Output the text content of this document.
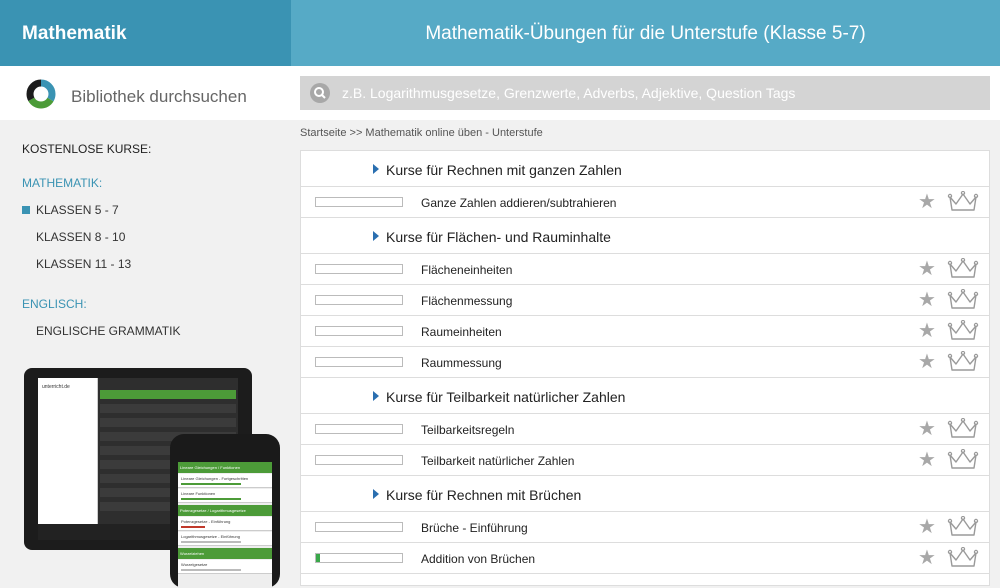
Mathematik	Mathematik-Übungen für die Unterstufe (Klasse 5-7)
Bibliothek durchsuchen
z.B. Logarithmusgesetze, Grenzwerte, Adverbs, Adjektive, Question Tags
KOSTENLOSE KURSE:
MATHEMATIK:
KLASSEN 5 - 7
KLASSEN 8 - 10
KLASSEN 11 - 13
ENGLISCH:
ENGLISCHE GRAMMATIK
unterricht.de
Lineare Gleichungen / Funktionen
Lineare Gleichungen - Fortgeschritten
Lineare Funktionen
Potenzgesetze / Logarithmusgesetze
Potenzgesetze - Einführung
Logarithmusgesetze - Einführung
Wurzelziehen
Wurzelgesetze
Startseite >> Mathematik online üben - Unterstufe
Kurse für Rechnen mit ganzen Zahlen
Ganze Zahlen addieren/subtrahieren	★
Kurse für Flächen- und Rauminhalte
Flächeneinheiten	★
Flächenmessung	★
Raumeinheiten	★
Raummessung	★
Kurse für Teilbarkeit natürlicher Zahlen
Teilbarkeitsregeln	★
Teilbarkeit natürlicher Zahlen	★
Kurse für Rechnen mit Brüchen
Brüche - Einführung	★
Addition von Brüchen	★
